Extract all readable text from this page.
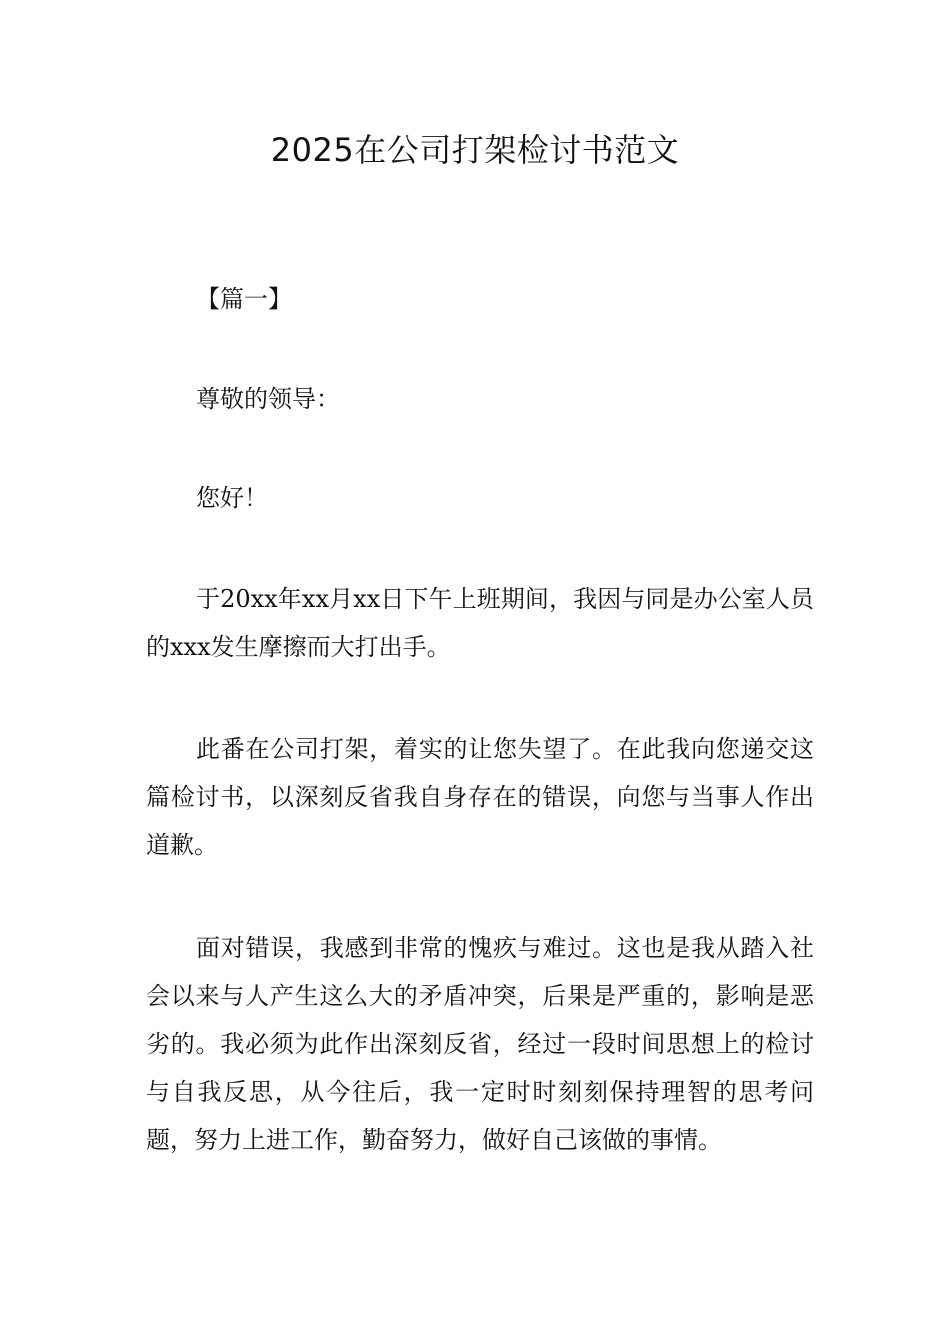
2025在公司打架检讨书范文

【篇一】

尊敬的领导：

您好！

于20xx年xx月xx日下午上班期间，我因与同是办公室人员的xxx发生摩擦而大打出手。

此番在公司打架，着实的让您失望了。在此我向您递交这篇检讨书，以深刻反省我自身存在的错误，向您与当事人作出道歉。

面对错误，我感到非常的愧疚与难过。这也是我从踏入社会以来与人产生这么大的矛盾冲突，后果是严重的，影响是恶劣的。我必须为此作出深刻反省，经过一段时间思想上的检讨与自我反思，从今往后，我一定时时刻刻保持理智的思考问题，努力上进工作，勤奋努力，做好自己该做的事情。
